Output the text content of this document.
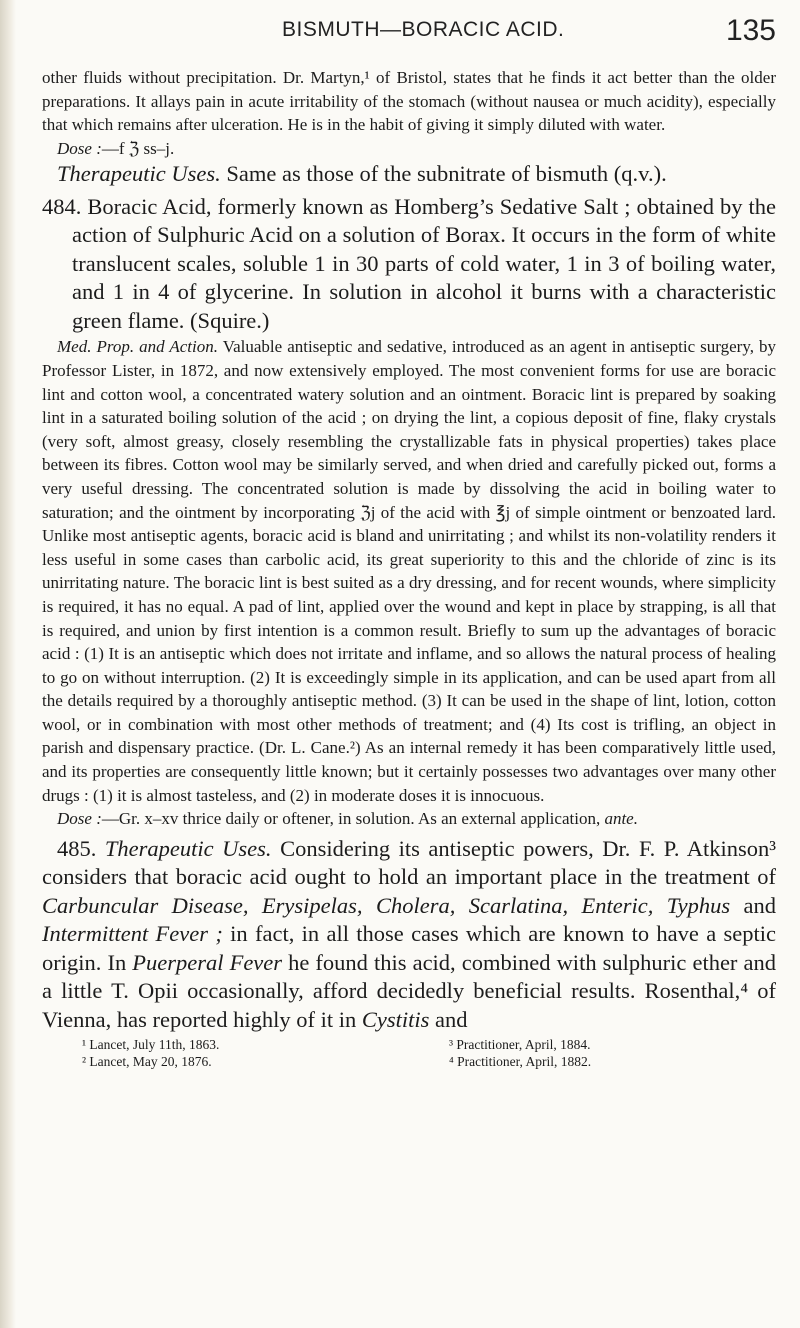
BISMUTH—BORACIC ACID.	135

other fluids without precipitation. Dr. Martyn,¹ of Bristol, states that he finds it act better than the older preparations. It allays pain in acute irritability of the stomach (without nausea or much acidity), especially that which remains after ulceration. He is in the habit of giving it simply diluted with water.

Dose :—f ℨ ss–j.

Therapeutic Uses. Same as those of the subnitrate of bismuth (q.v.).

484. Boracic Acid, formerly known as Homberg’s Sedative Salt ; obtained by the action of Sulphuric Acid on a solution of Borax. It occurs in the form of white translucent scales, soluble 1 in 30 parts of cold water, 1 in 3 of boiling water, and 1 in 4 of glycerine. In solution in alcohol it burns with a characteristic green flame. (Squire.)

Med. Prop. and Action. Valuable antiseptic and sedative, introduced as an agent in antiseptic surgery, by Professor Lister, in 1872, and now extensively employed. The most convenient forms for use are boracic lint and cotton wool, a concentrated watery solution and an ointment. Boracic lint is prepared by soaking lint in a saturated boiling solution of the acid ; on drying the lint, a copious deposit of fine, flaky crystals (very soft, almost greasy, closely resembling the crystallizable fats in physical properties) takes place between its fibres. Cotton wool may be similarly served, and when dried and carefully picked out, forms a very useful dressing. The concentrated solution is made by dissolving the acid in boiling water to saturation; and the ointment by incorporating ℨj of the acid with ℥j of simple ointment or benzoated lard. Unlike most antiseptic agents, boracic acid is bland and unirritating ; and whilst its non-volatility renders it less useful in some cases than carbolic acid, its great superiority to this and the chloride of zinc is its unirritating nature. The boracic lint is best suited as a dry dressing, and for recent wounds, where simplicity is required, it has no equal. A pad of lint, applied over the wound and kept in place by strapping, is all that is required, and union by first intention is a common result. Briefly to sum up the advantages of boracic acid : (1) It is an antiseptic which does not irritate and inflame, and so allows the natural process of healing to go on without interruption. (2) It is exceedingly simple in its application, and can be used apart from all the details required by a thoroughly antiseptic method. (3) It can be used in the shape of lint, lotion, cotton wool, or in combination with most other methods of treatment; and (4) Its cost is trifling, an object in parish and dispensary practice. (Dr. L. Cane.²) As an internal remedy it has been comparatively little used, and its properties are consequently little known; but it certainly possesses two advantages over many other drugs : (1) it is almost tasteless, and (2) in moderate doses it is innocuous.

Dose :—Gr. x–xv thrice daily or oftener, in solution. As an external application, ante.

485. Therapeutic Uses. Considering its antiseptic powers, Dr. F. P. Atkinson³ considers that boracic acid ought to hold an important place in the treatment of Carbuncular Disease, Erysipelas, Cholera, Scarlatina, Enteric, Typhus and Intermittent Fever ; in fact, in all those cases which are known to have a septic origin. In Puerperal Fever he found this acid, combined with sulphuric ether and a little T. Opii occasionally, afford decidedly beneficial results. Rosenthal,⁴ of Vienna, has reported highly of it in Cystitis and

¹ Lancet, July 11th, 1863.	³ Practitioner, April, 1884.
² Lancet, May 20, 1876.	⁴ Practitioner, April, 1882.
